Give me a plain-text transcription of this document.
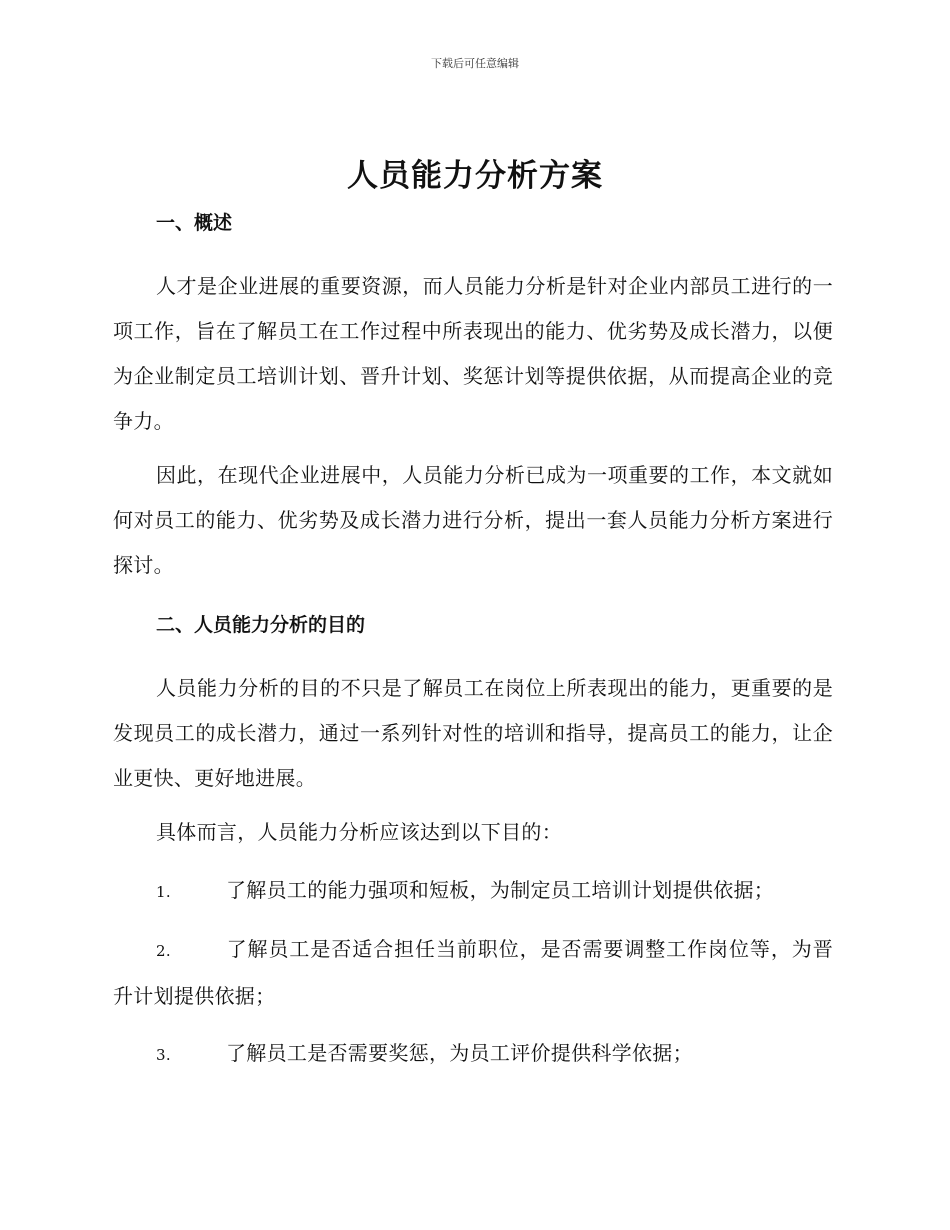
下载后可任意编辑
人员能力分析方案

一、概述

人才是企业进展的重要资源，而人员能力分析是针对企业内部员工进行的一项工作，旨在了解员工在工作过程中所表现出的能力、优劣势及成长潜力，以便为企业制定员工培训计划、晋升计划、奖惩计划等提供依据，从而提高企业的竞争力。

因此，在现代企业进展中，人员能力分析已成为一项重要的工作，本文就如何对员工的能力、优劣势及成长潜力进行分析，提出一套人员能力分析方案进行探讨。

二、人员能力分析的目的

人员能力分析的目的不只是了解员工在岗位上所表现出的能力，更重要的是发现员工的成长潜力，通过一系列针对性的培训和指导，提高员工的能力，让企业更快、更好地进展。

具体而言，人员能力分析应该达到以下目的：

1.	了解员工的能力强项和短板，为制定员工培训计划提供依据；

2.	了解员工是否适合担任当前职位，是否需要调整工作岗位等，为晋升计划提供依据；

3.	了解员工是否需要奖惩，为员工评价提供科学依据；
